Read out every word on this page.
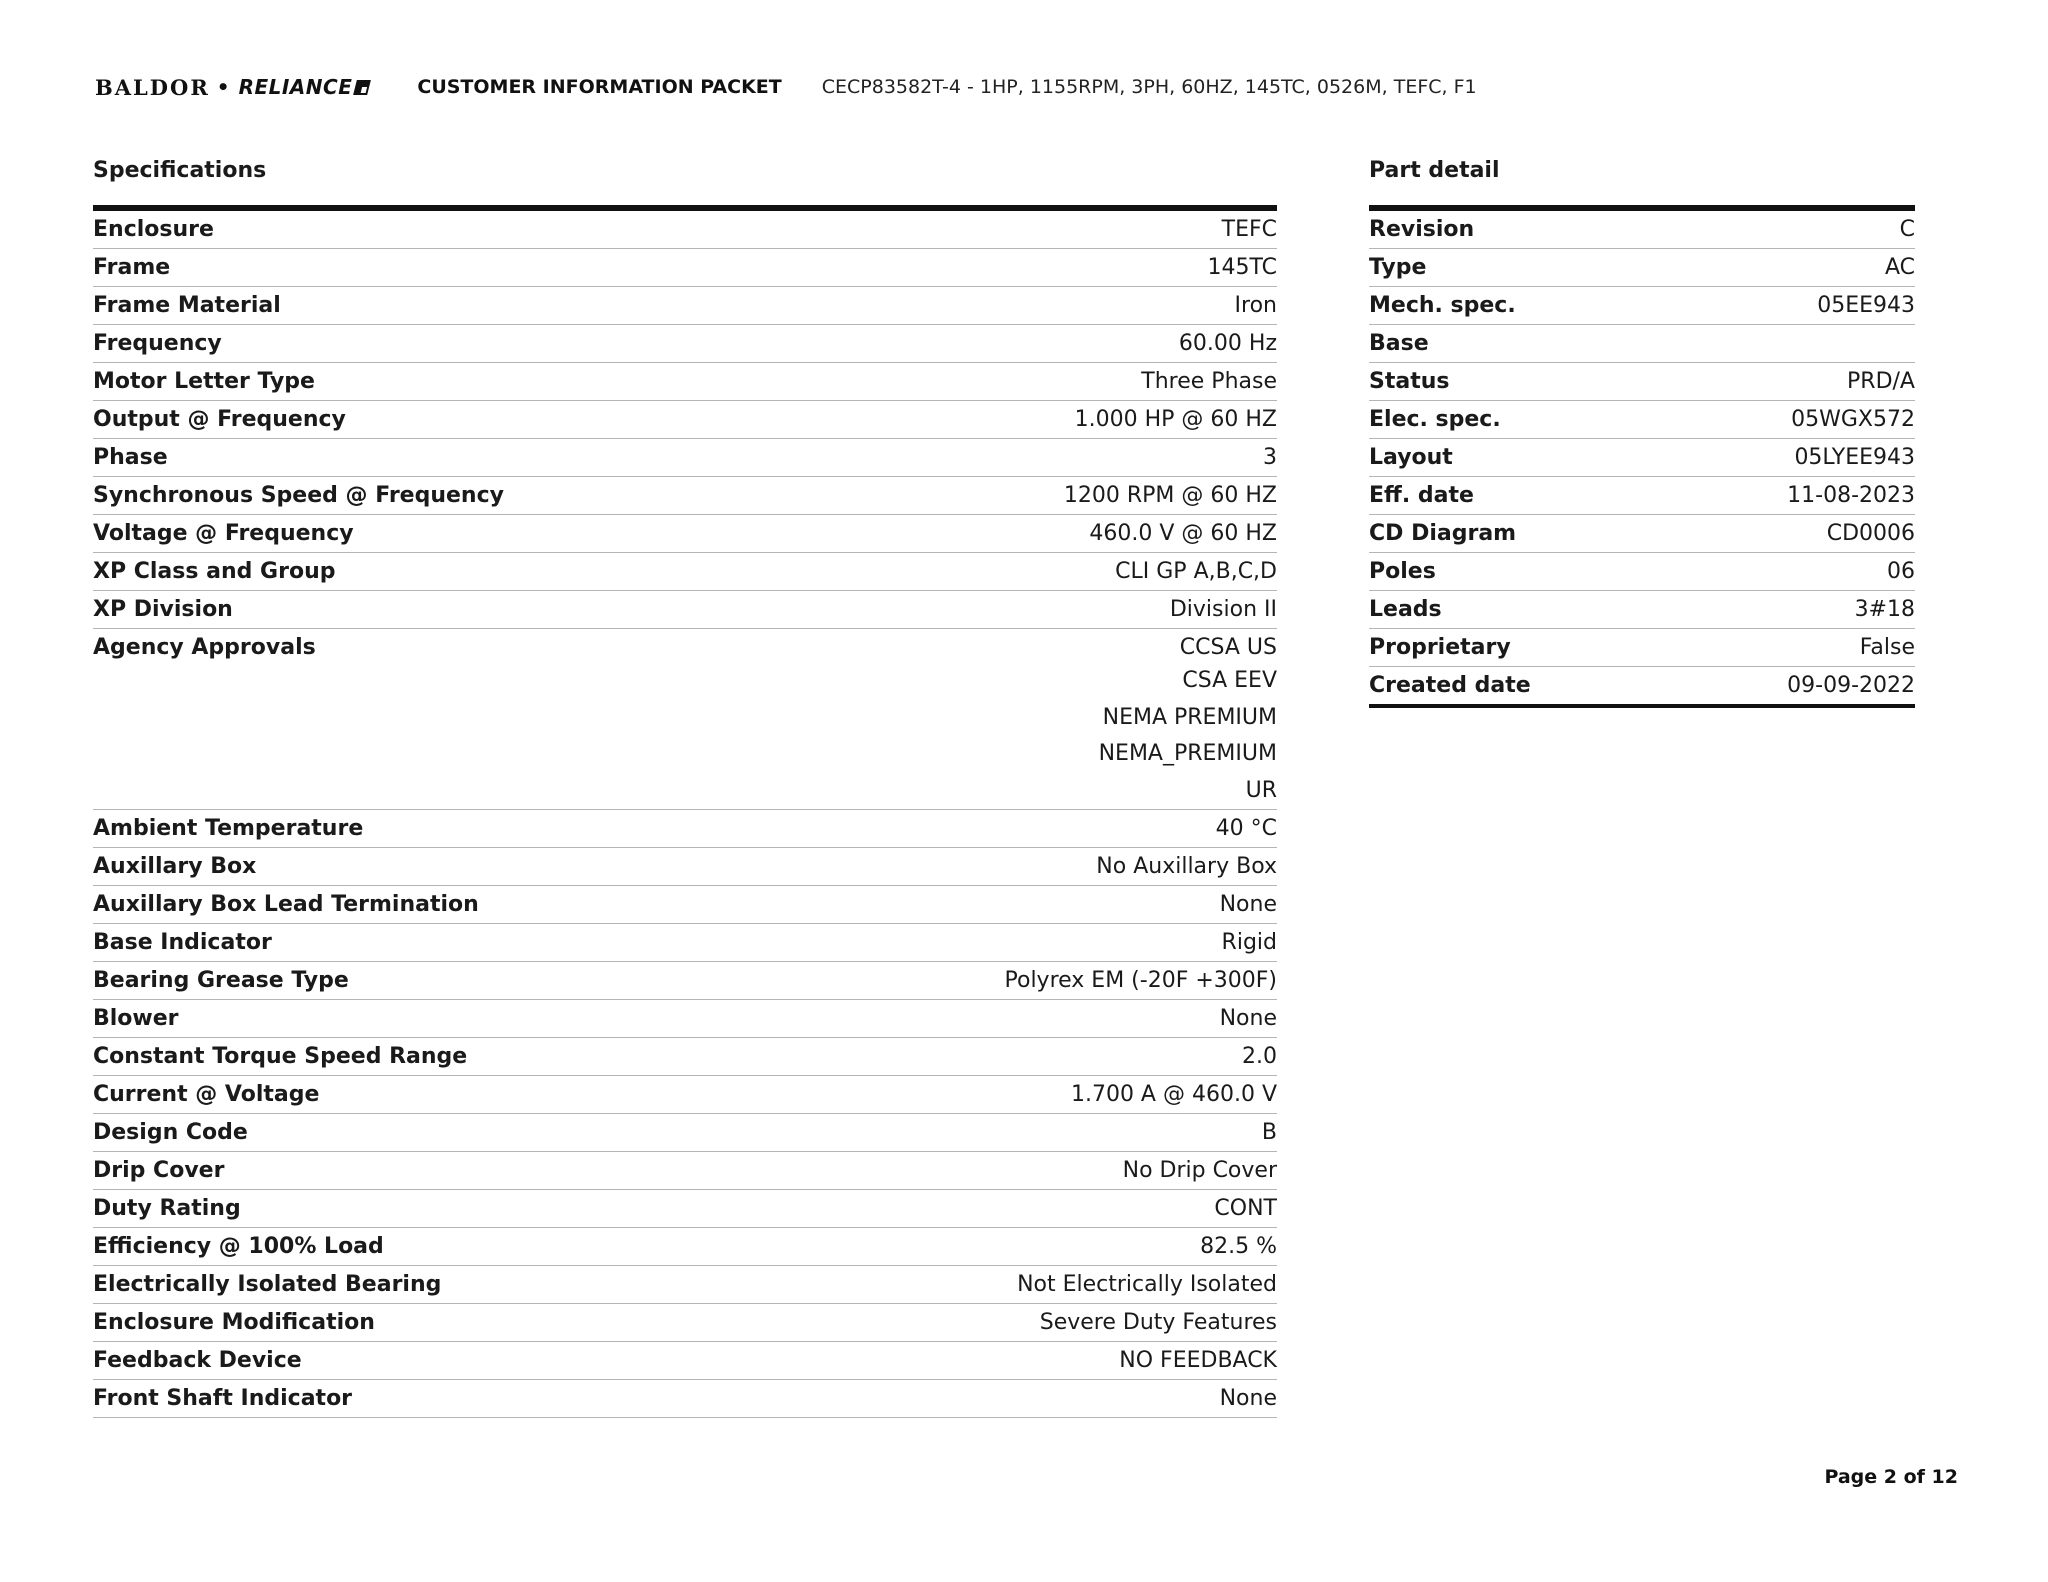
BALDOR • RELIANCE	CUSTOMER INFORMATION PACKET CECP83582T-4 - 1HP, 1155RPM, 3PH, 60HZ, 145TC, 0526M, TEFC, F1
Specifications	Part detail
Enclosure	TEFC
Frame	145TC
Frame Material	Iron
Frequency	60.00 Hz
Motor Letter Type	Three Phase
Output @ Frequency	1.000 HP @ 60 HZ
Phase	3
Synchronous Speed @ Frequency	1200 RPM @ 60 HZ
Voltage @ Frequency	460.0 V @ 60 HZ
XP Class and Group	CLI GP A,B,C,D
XP Division	Division II
Agency Approvals	CCSA US
CSA EEV
NEMA PREMIUM
NEMA_PREMIUM
UR
Ambient Temperature	40 °C
Auxillary Box	No Auxillary Box
Auxillary Box Lead Termination	None
Base Indicator	Rigid
Bearing Grease Type	Polyrex EM (-20F +300F)
Blower	None
Constant Torque Speed Range	2.0
Current @ Voltage	1.700 A @ 460.0 V
Design Code	B
Drip Cover	No Drip Cover
Duty Rating	CONT
Efficiency @ 100% Load	82.5 %
Electrically Isolated Bearing	Not Electrically Isolated
Enclosure Modification	Severe Duty Features
Feedback Device	NO FEEDBACK
Front Shaft Indicator	None
Revision	C
Type	AC
Mech. spec.	05EE943
Base
Status	PRD/A
Elec. spec.	05WGX572
Layout	05LYEE943
Eff. date	11-08-2023
CD Diagram	CD0006
Poles	06
Leads	3#18
Proprietary	False
Created date	09-09-2022
Page 2 of 12
